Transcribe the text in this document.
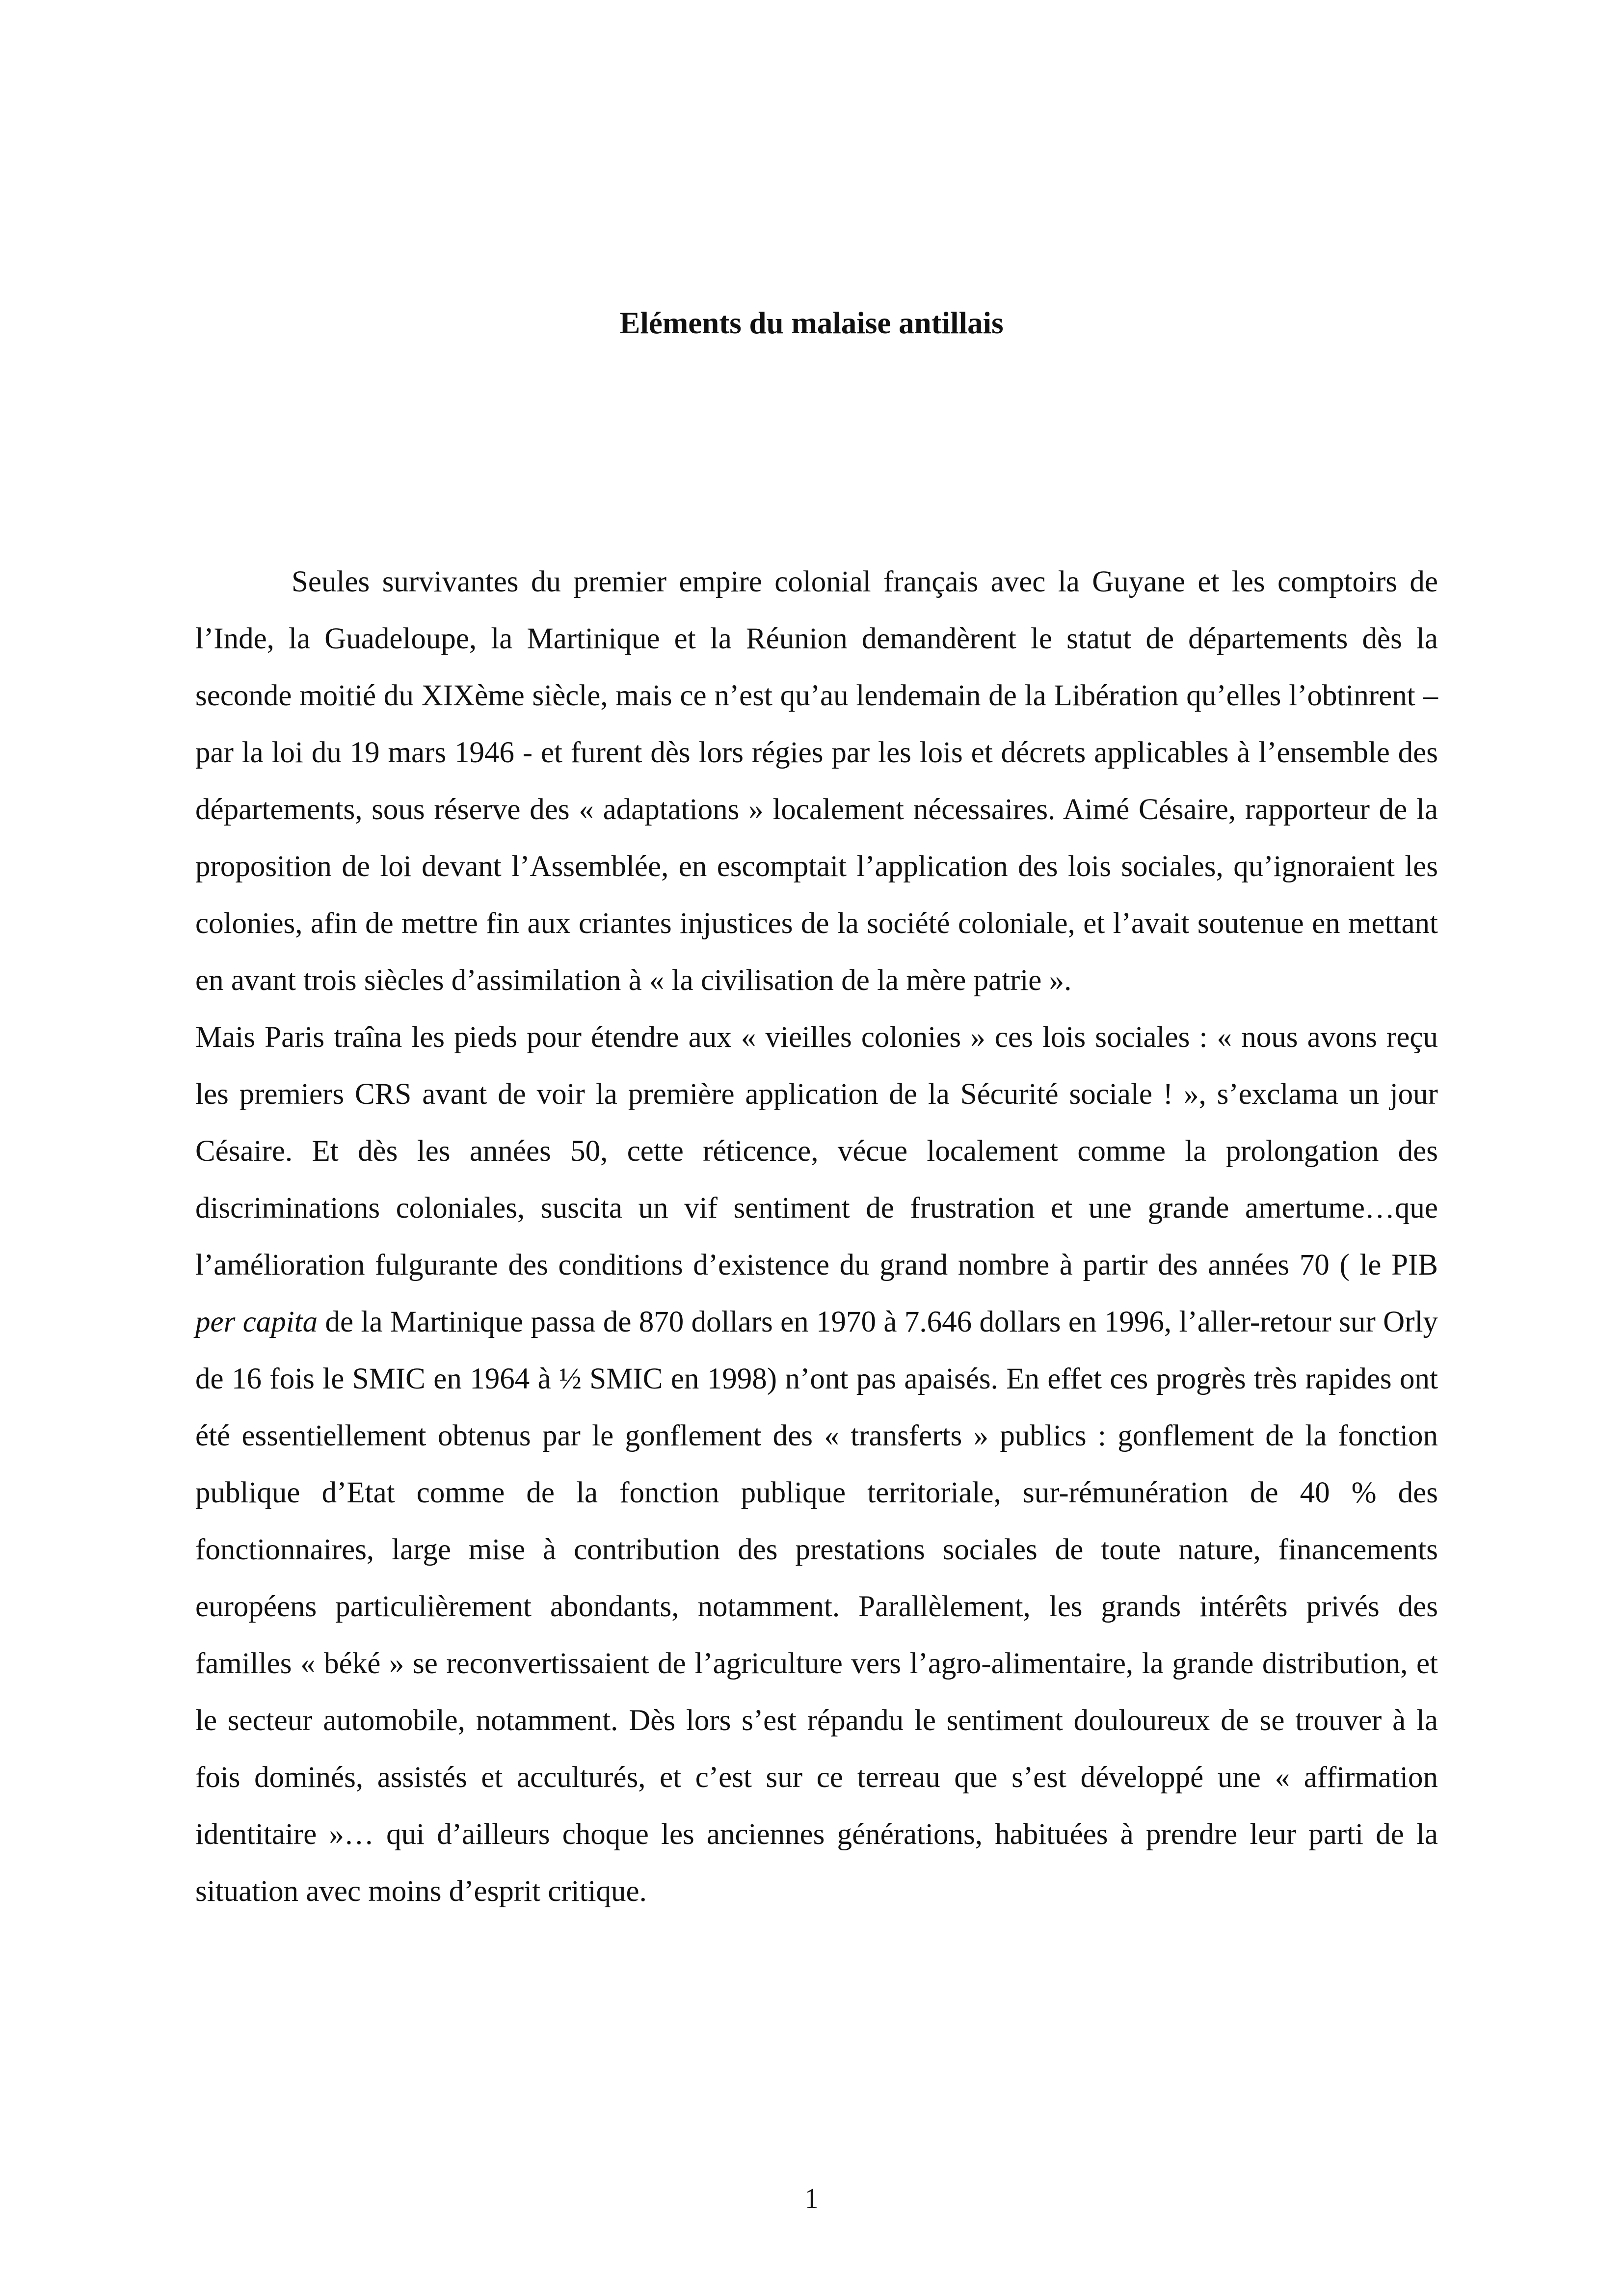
Eléments du malaise antillais

Seules survivantes du premier empire colonial français avec la Guyane et les comptoirs de l’Inde, la Guadeloupe, la Martinique et la Réunion demandèrent le statut de départements dès la seconde moitié du XIXème siècle, mais ce n’est qu’au lendemain de la Libération qu’elles l’obtinrent – par la loi du 19 mars 1946 - et furent dès lors régies par les lois et décrets applicables à l’ensemble des départements, sous réserve des « adaptations » localement nécessaires. Aimé Césaire, rapporteur de la proposition de loi devant l’Assemblée, en escomptait l’application des lois sociales, qu’ignoraient les colonies, afin de mettre fin aux criantes injustices de la société coloniale, et l’avait soutenue en mettant en avant trois siècles d’assimilation à « la civilisation de la mère patrie ».

Mais Paris traîna les pieds pour étendre aux « vieilles colonies » ces lois sociales : « nous avons reçu les premiers CRS avant de voir la première application de la Sécurité sociale ! », s’exclama un jour Césaire. Et dès les années 50, cette réticence, vécue localement comme la prolongation des discriminations coloniales, suscita un vif sentiment de frustration et une grande amertume…que l’amélioration fulgurante des conditions d’existence du grand nombre à partir des années 70 ( le PIB per capita de la Martinique passa de 870 dollars en 1970 à 7.646 dollars en 1996, l’aller-retour sur Orly de 16 fois le SMIC en 1964 à ½ SMIC en 1998) n’ont pas apaisés. En effet ces progrès très rapides ont été essentiellement obtenus par le gonflement des « transferts » publics : gonflement de la fonction publique d’Etat comme de la fonction publique territoriale, sur-rémunération de 40 % des fonctionnaires, large mise à contribution des prestations sociales de toute nature, financements européens particulièrement abondants, notamment. Parallèlement, les grands intérêts privés des familles « béké » se reconvertissaient de l’agriculture vers l’agro-alimentaire, la grande distribution, et le secteur automobile, notamment. Dès lors s’est répandu le sentiment douloureux de se trouver à la fois dominés, assistés et acculturés, et c’est sur ce terreau que s’est développé une « affirmation identitaire »… qui d’ailleurs choque les anciennes générations, habituées à prendre leur parti de la situation avec moins d’esprit critique.

1
